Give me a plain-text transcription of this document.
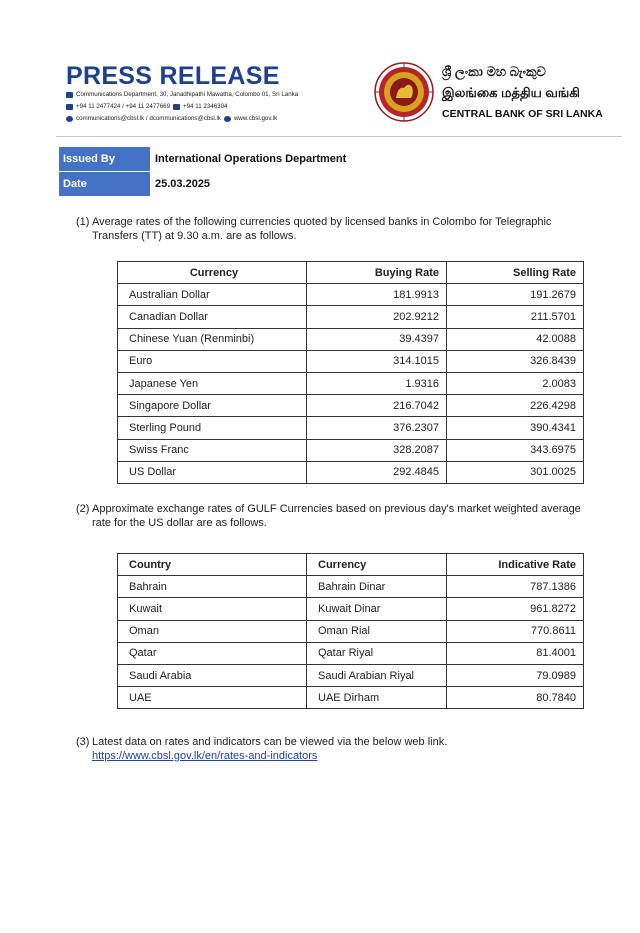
PRESS RELEASE
Communications Department, 30, Janadhipathi Mawatha, Colombo 01, Sri Lanka
+94 11 2477424 / +94 11 2477669 +94 11 2346304
communications@cbsl.lk / dcommunications@cbsl.lk www.cbsl.gov.lk
ශ්‍රී ලංකා මහ බැංකුව
இலங்கை மத்திய வங்கி
CENTRAL BANK OF SRI LANKA
Issued By	International Operations Department
Date	25.03.2025
(1) Average rates of the following currencies quoted by licensed banks in Colombo for Telegraphic
Transfers (TT) at 9.30 a.m. are as follows.
Currency	Buying Rate	Selling Rate
Australian Dollar	181.9913	191.2679
Canadian Dollar	202.9212	211.5701
Chinese Yuan (Renminbi)	39.4397	42.0088
Euro	314.1015	326.8439
Japanese Yen	1.9316	2.0083
Singapore Dollar	216.7042	226.4298
Sterling Pound	376.2307	390.4341
Swiss Franc	328.2087	343.6975
US Dollar	292.4845	301.0025
(2) Approximate exchange rates of GULF Currencies based on previous day's market weighted average
rate for the US dollar are as follows.
Country	Currency	Indicative Rate
Bahrain	Bahrain Dinar	787.1386
Kuwait	Kuwait Dinar	961.8272
Oman	Oman Rial	770.8611
Qatar	Qatar Riyal	81.4001
Saudi Arabia	Saudi Arabian Riyal	79.0989
UAE	UAE Dirham	80.7840
(3) Latest data on rates and indicators can be viewed via the below web link.
https://www.cbsl.gov.lk/en/rates-and-indicators
